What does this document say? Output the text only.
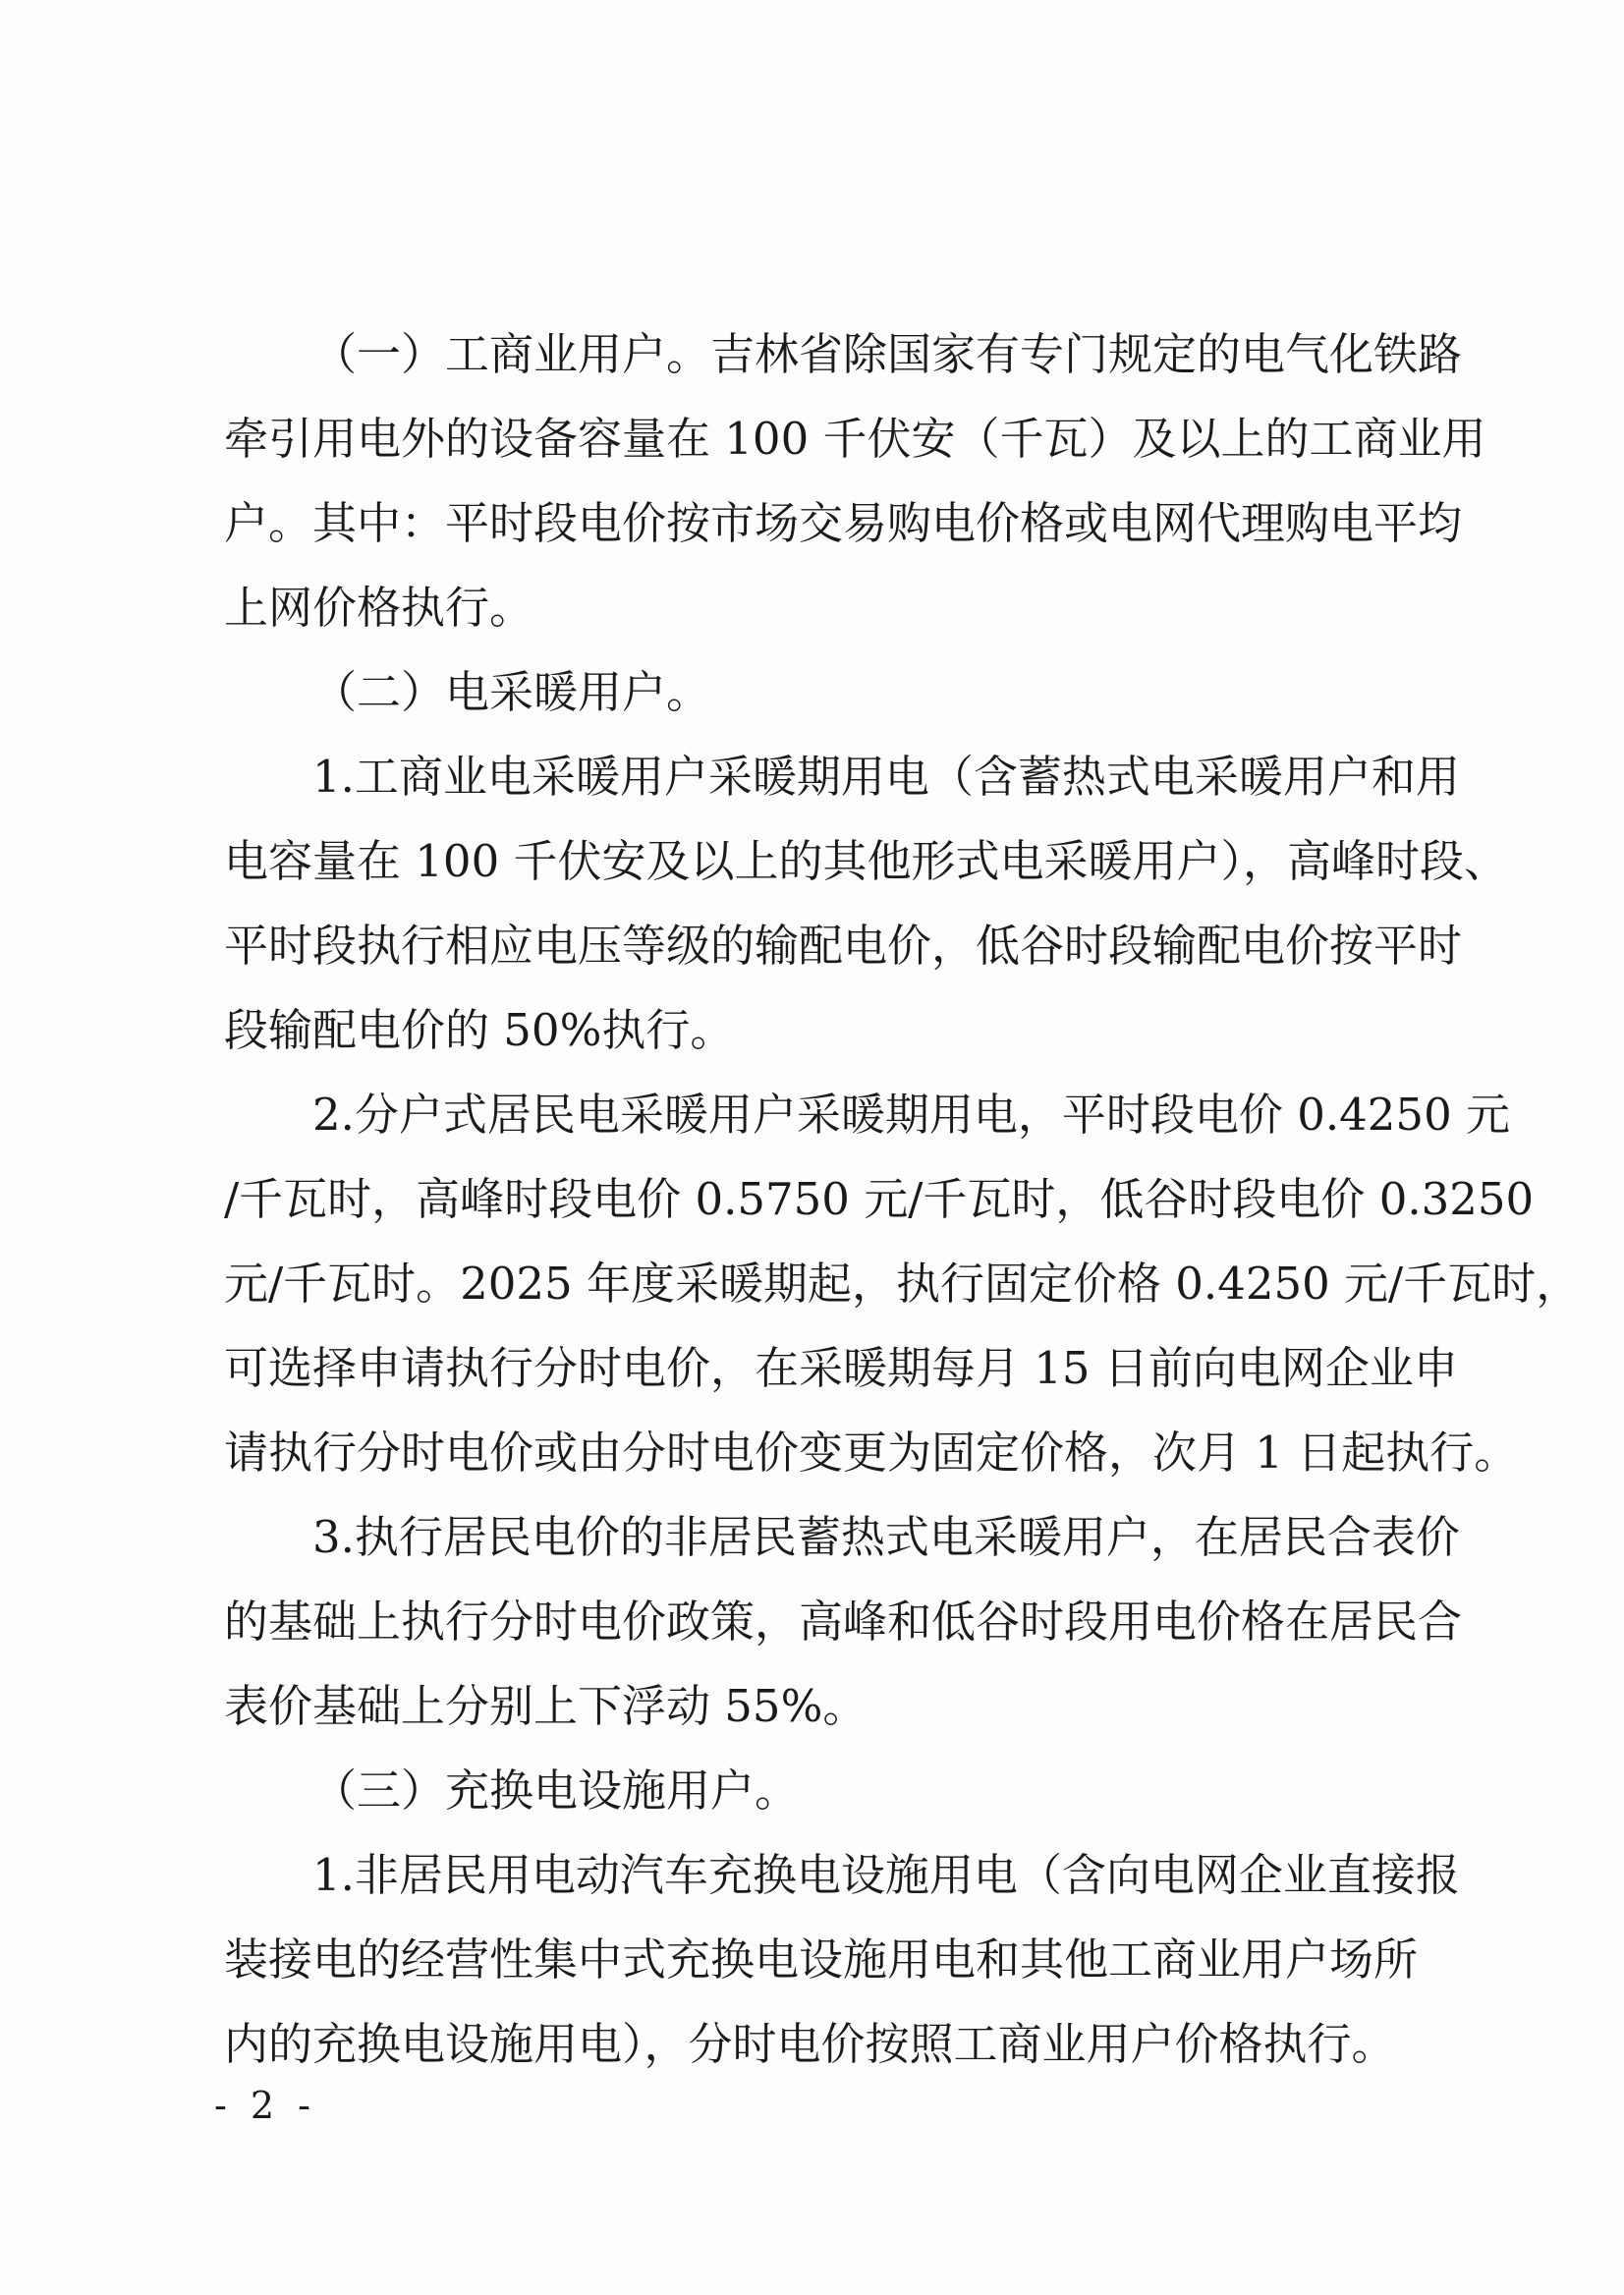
（一）工商业用户。吉林省除国家有专门规定的电气化铁路
牵引用电外的设备容量在 100 千伏安（千瓦）及以上的工商业用
户。其中：平时段电价按市场交易购电价格或电网代理购电平均
上网价格执行。
（二）电采暖用户。
1.工商业电采暖用户采暖期用电（含蓄热式电采暖用户和用
电容量在 100 千伏安及以上的其他形式电采暖用户），高峰时段、
平时段执行相应电压等级的输配电价，低谷时段输配电价按平时
段输配电价的 50%执行。
2.分户式居民电采暖用户采暖期用电，平时段电价 0.4250 元
/千瓦时，高峰时段电价 0.5750 元/千瓦时，低谷时段电价 0.3250
元/千瓦时。2025 年度采暖期起，执行固定价格 0.4250 元/千瓦时，
可选择申请执行分时电价，在采暖期每月 15 日前向电网企业申
请执行分时电价或由分时电价变更为固定价格，次月 1 日起执行。
3.执行居民电价的非居民蓄热式电采暖用户，在居民合表价
的基础上执行分时电价政策，高峰和低谷时段用电价格在居民合
表价基础上分别上下浮动 55%。
（三）充换电设施用户。
1.非居民用电动汽车充换电设施用电（含向电网企业直接报
装接电的经营性集中式充换电设施用电和其他工商业用户场所
内的充换电设施用电），分时电价按照工商业用户价格执行。
- 2 -
